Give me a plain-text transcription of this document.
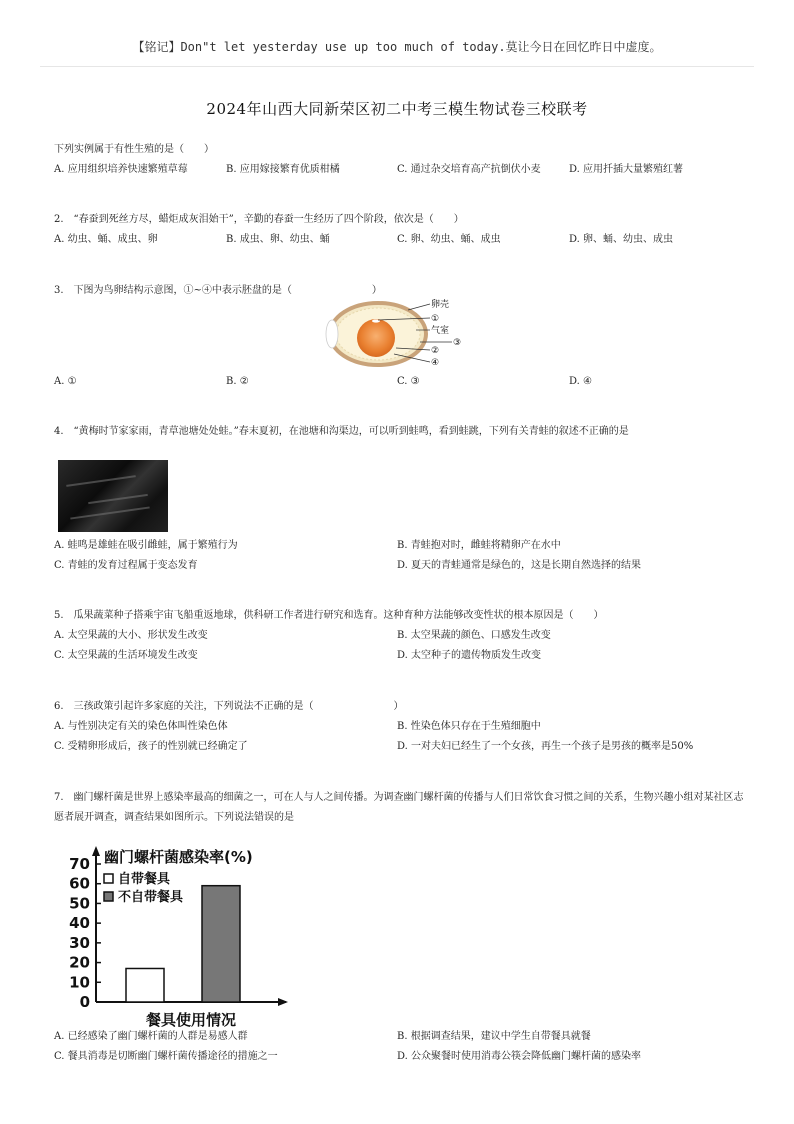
【铭记】Don"t let yesterday use up too much of today.莫让今日在回忆昨日中虚度。
2024年山西大同新荣区初二中考三模生物试卷三校联考
下列实例属于有性生殖的是（　　）
A. 应用组织培养快速繁殖草莓	B. 应用嫁接繁育优质柑橘	C. 通过杂交培育高产抗倒伏小麦	D. 应用扦插大量繁殖红薯
2.　“春蚕到死丝方尽，蜡炬成灰泪始干”，辛勤的春蚕一生经历了四个阶段，依次是（　　）
A. 幼虫、蛹、成虫、卵	B. 成虫、卵、幼虫、蛹	C. 卵、幼虫、蛹、成虫	D. 卵、蛹、幼虫、成虫
3.　下图为鸟卵结构示意图，①~④中表示胚盘的是（　　　　　　　　）
卵壳
①
气室
③
②
④
A. ①	B. ②	C. ③	D. ④
4.　“黄梅时节家家雨，青草池塘处处蛙。”春末夏初，在池塘和沟渠边，可以听到蛙鸣，看到蛙跳，下列有关青蛙的叙述不正确的是
A. 蛙鸣是雄蛙在吸引雌蛙，属于繁殖行为	B. 青蛙抱对时，雌蛙将精卵产在水中
C. 青蛙的发育过程属于变态发育	D. 夏天的青蛙通常是绿色的，这是长期自然选择的结果
5.　瓜果蔬菜种子搭乘宇宙飞船重返地球，供科研工作者进行研究和选育。这种育种方法能够改变性状的根本原因是（　　）
A. 太空果蔬的大小、形状发生改变	B. 太空果蔬的颜色、口感发生改变
C. 太空果蔬的生活环境发生改变	D. 太空种子的遗传物质发生改变
6.　三孩政策引起许多家庭的关注，下列说法不正确的是（　　　　　　　　）
A. 与性别决定有关的染色体叫性染色体	B. 性染色体只存在于生殖细胞中
C. 受精卵形成后，孩子的性别就已经确定了	D. 一对夫妇已经生了一个女孩，再生一个孩子是男孩的概率是50%
7.　幽门螺杆菌是世界上感染率最高的细菌之一，可在人与人之间传播。为调查幽门螺杆菌的传播与人们日常饮食习惯之间的关系，生物兴趣小组对某社区志愿者展开调查，调查结果如图所示。下列说法错误的是
幽门螺杆菌感染率(%)
70
60
50
40
30
20
10
0
自带餐具
不自带餐具
餐具使用情况
A. 已经感染了幽门螺杆菌的人群是易感人群	B. 根据调查结果，建议中学生自带餐具就餐
C. 餐具消毒是切断幽门螺杆菌传播途径的措施之一	D. 公众聚餐时使用消毒公筷会降低幽门螺杆菌的感染率
